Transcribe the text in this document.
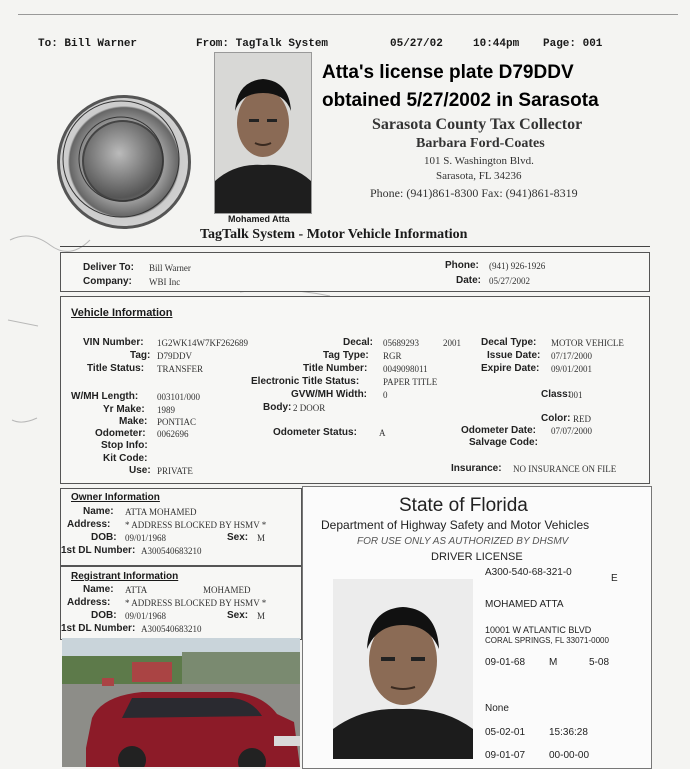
To: Bill Warner	From: TagTalk System	05/27/02	10:44pm Page: 001
Mohamed Atta
Atta's license plate D79DDV
obtained 5/27/2002 in Sarasota
Sarasota County Tax Collector
Barbara Ford-Coates
101 S. Washington Blvd.
Sarasota, FL 34236
Phone: (941)861-8300 Fax: (941)861-8319
TagTalk System - Motor Vehicle Information
Deliver To: Bill Warner
Company: WBI Inc
Phone: (941) 926-1926
Date: 05/27/2002
Vehicle Information
VIN Number: 1G2WK14W7KF262689
Tag: D79DDV
Title Status: TRANSFER
Decal: 05689293	2001
Tag Type: RGR
Title Number: 0049098011
Electronic Title Status:	PAPER TITLE
Decal Type: MOTOR VEHICLE
Issue Date: 07/17/2000
Expire Date: 09/01/2001
W/MH Length: 003101/000	GVW/MH Width: 0	Class:
001
Yr Make: 1989	Body: 2 DOOR
Make: PONTIAC	Color: RED
Odometer: 0062696	Odometer Status: A	Odometer Date: 07/07/2000
Stop Info:	Salvage Code:
Kit Code:
Use: PRIVATE	Insurance: NO INSURANCE ON FILE
Owner Information
Name: ATTA MOHAMED
Address: * ADDRESS BLOCKED BY HSMV *
DOB: 09/01/1968	Sex: M
1st DL Number: A300540683210
Registrant Information
Name: ATTA	MOHAMED
Address: * ADDRESS BLOCKED BY HSMV *
DOB: 09/01/1968	Sex: M
1st DL Number: A300540683210
State of Florida
Department of Highway Safety and Motor Vehicles
FOR USE ONLY AS AUTHORIZED BY DHSMV
DRIVER LICENSE
A300-540-68-321-0
E
MOHAMED ATTA
10001 W ATLANTIC BLVD
CORAL SPRINGS, FL 33071-0000
09-01-68 M	5-08
None
05-02-01 15:36:28
09-01-07 00-00-00
